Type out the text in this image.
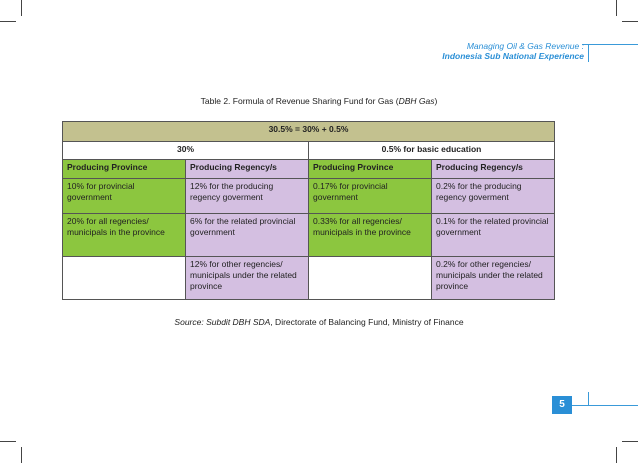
Managing Oil & Gas Revenue :
Indonesia Sub National Experience
Table 2. Formula of Revenue Sharing Fund for Gas (DBH Gas)
30.5% = 30% + 0.5%			
30%		0.5% for basic education	
Producing Province	Producing Regency/s	Producing Province	Producing Regency/s
10% for provincial government	12% for the producing regency goverment	0.17% for provincial government	0.2% for the producing regency goverment
20% for all regencies/ municipals in the province	6% for the related provincial government	0.33% for all regencies/ municipals in the province	0.1% for the related provincial government
	12% for other regencies/ municipals under the related province		0.2% for other regencies/ municipals under the related province
Source: Subdit DBH SDA, Directorate of Balancing Fund, Ministry of Finance
5
